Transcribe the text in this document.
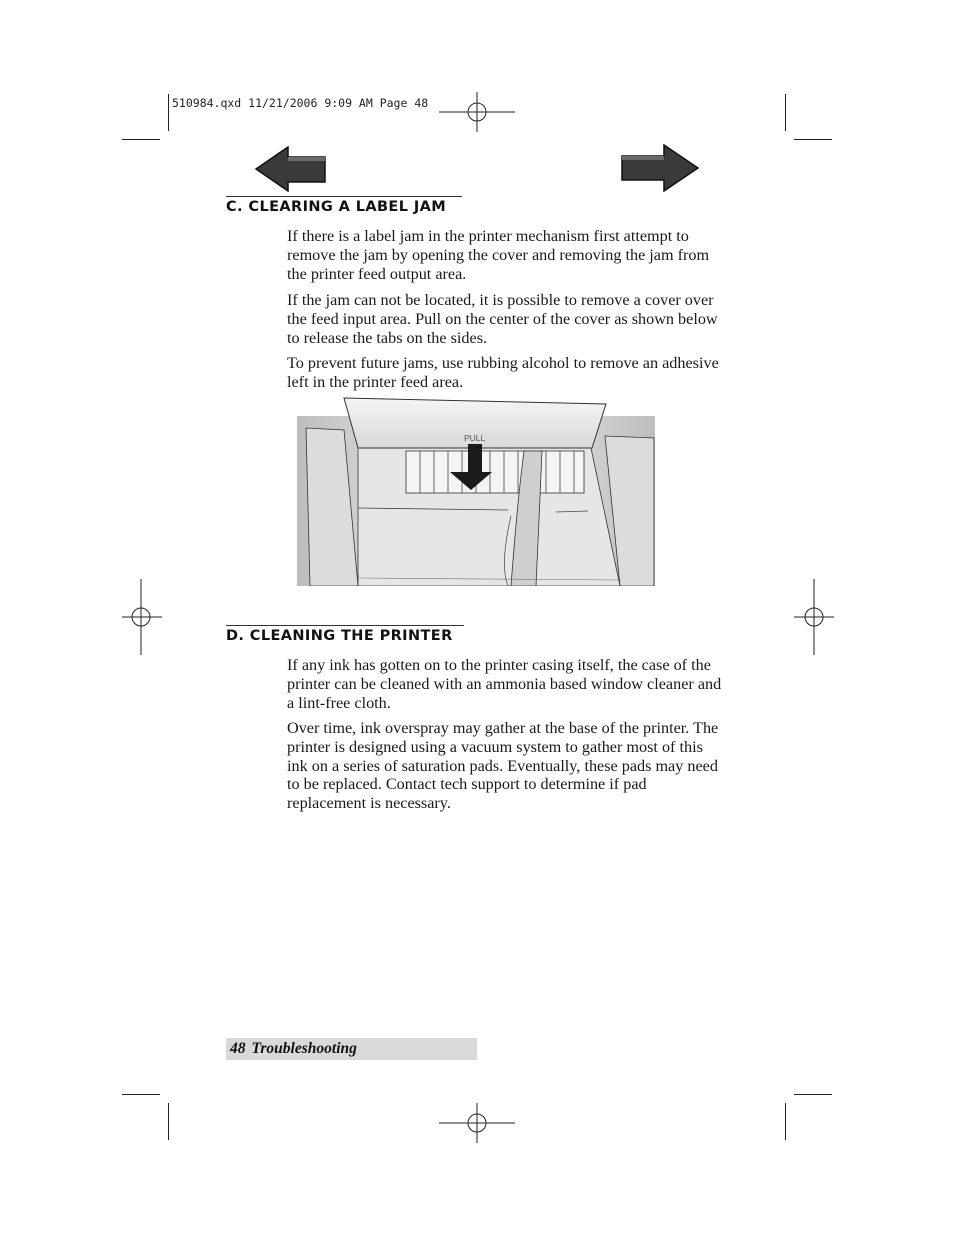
510984.qxd 11/21/2006 9:09 AM Page 48
C. CLEARING A LABEL JAM

If there is a label jam in the printer mechanism first attempt to remove the jam by opening the cover and removing the jam from the printer feed output area.

If the jam can not be located, it is possible to remove a cover over the feed input area. Pull on the center of the cover as shown below to release the tabs on the sides.

To prevent future jams, use rubbing alcohol to remove an adhesive left in the printer feed area.

PULL
D. CLEANING THE PRINTER

If any ink has gotten on to the printer casing itself, the case of the printer can be cleaned with an ammonia based window cleaner and a lint-free cloth.

Over time, ink overspray may gather at the base of the printer. The printer is designed using a vacuum system to gather most of this ink on a series of saturation pads. Eventually, these pads may need to be replaced. Contact tech support to determine if pad replacement is necessary.

48 Troubleshooting
